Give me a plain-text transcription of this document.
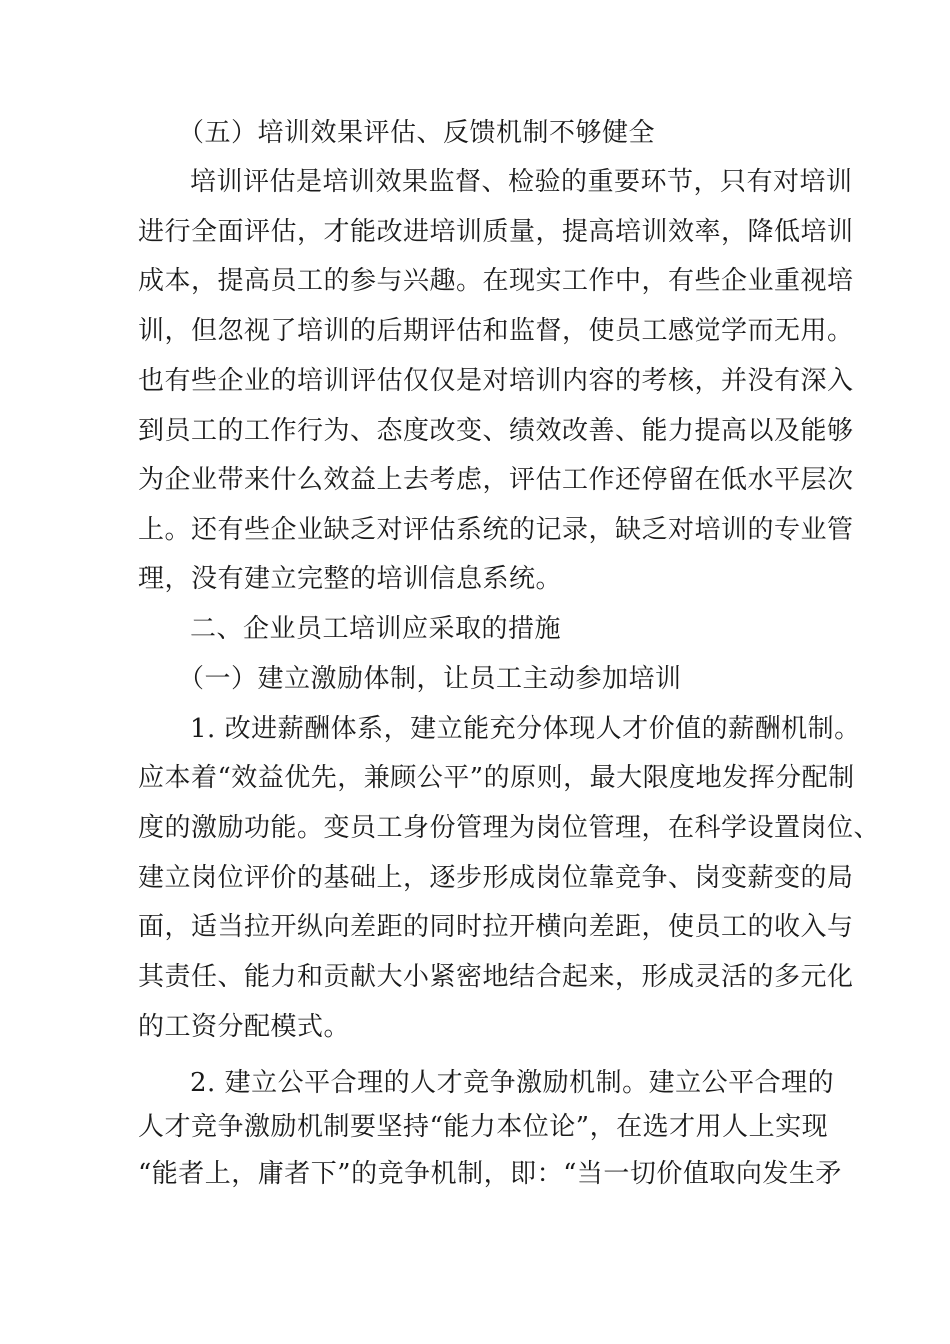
（五）培训效果评估、反馈机制不够健全
培训评估是培训效果监督、检验的重要环节，只有对培训
进行全面评估，才能改进培训质量，提高培训效率，降低培训
成本，提高员工的参与兴趣。在现实工作中，有些企业重视培
训，但忽视了培训的后期评估和监督，使员工感觉学而无用。
也有些企业的培训评估仅仅是对培训内容的考核，并没有深入
到员工的工作行为、态度改变、绩效改善、能力提高以及能够
为企业带来什么效益上去考虑，评估工作还停留在低水平层次
上。还有些企业缺乏对评估系统的记录，缺乏对培训的专业管
理，没有建立完整的培训信息系统。
二、企业员工培训应采取的措施
（一）建立激励体制，让员工主动参加培训
1. 改进薪酬体系，建立能充分体现人才价值的薪酬机制。
应本着“效益优先，兼顾公平”的原则，最大限度地发挥分配制
度的激励功能。变员工身份管理为岗位管理，在科学设置岗位、
建立岗位评价的基础上，逐步形成岗位靠竞争、岗变薪变的局
面，适当拉开纵向差距的同时拉开横向差距，使员工的收入与
其责任、能力和贡献大小紧密地结合起来，形成灵活的多元化
的工资分配模式。
2. 建立公平合理的人才竞争激励机制。建立公平合理的
人才竞争激励机制要坚持“能力本位论”，在选才用人上实现
“能者上，庸者下”的竞争机制，即：“当一切价值取向发生矛
